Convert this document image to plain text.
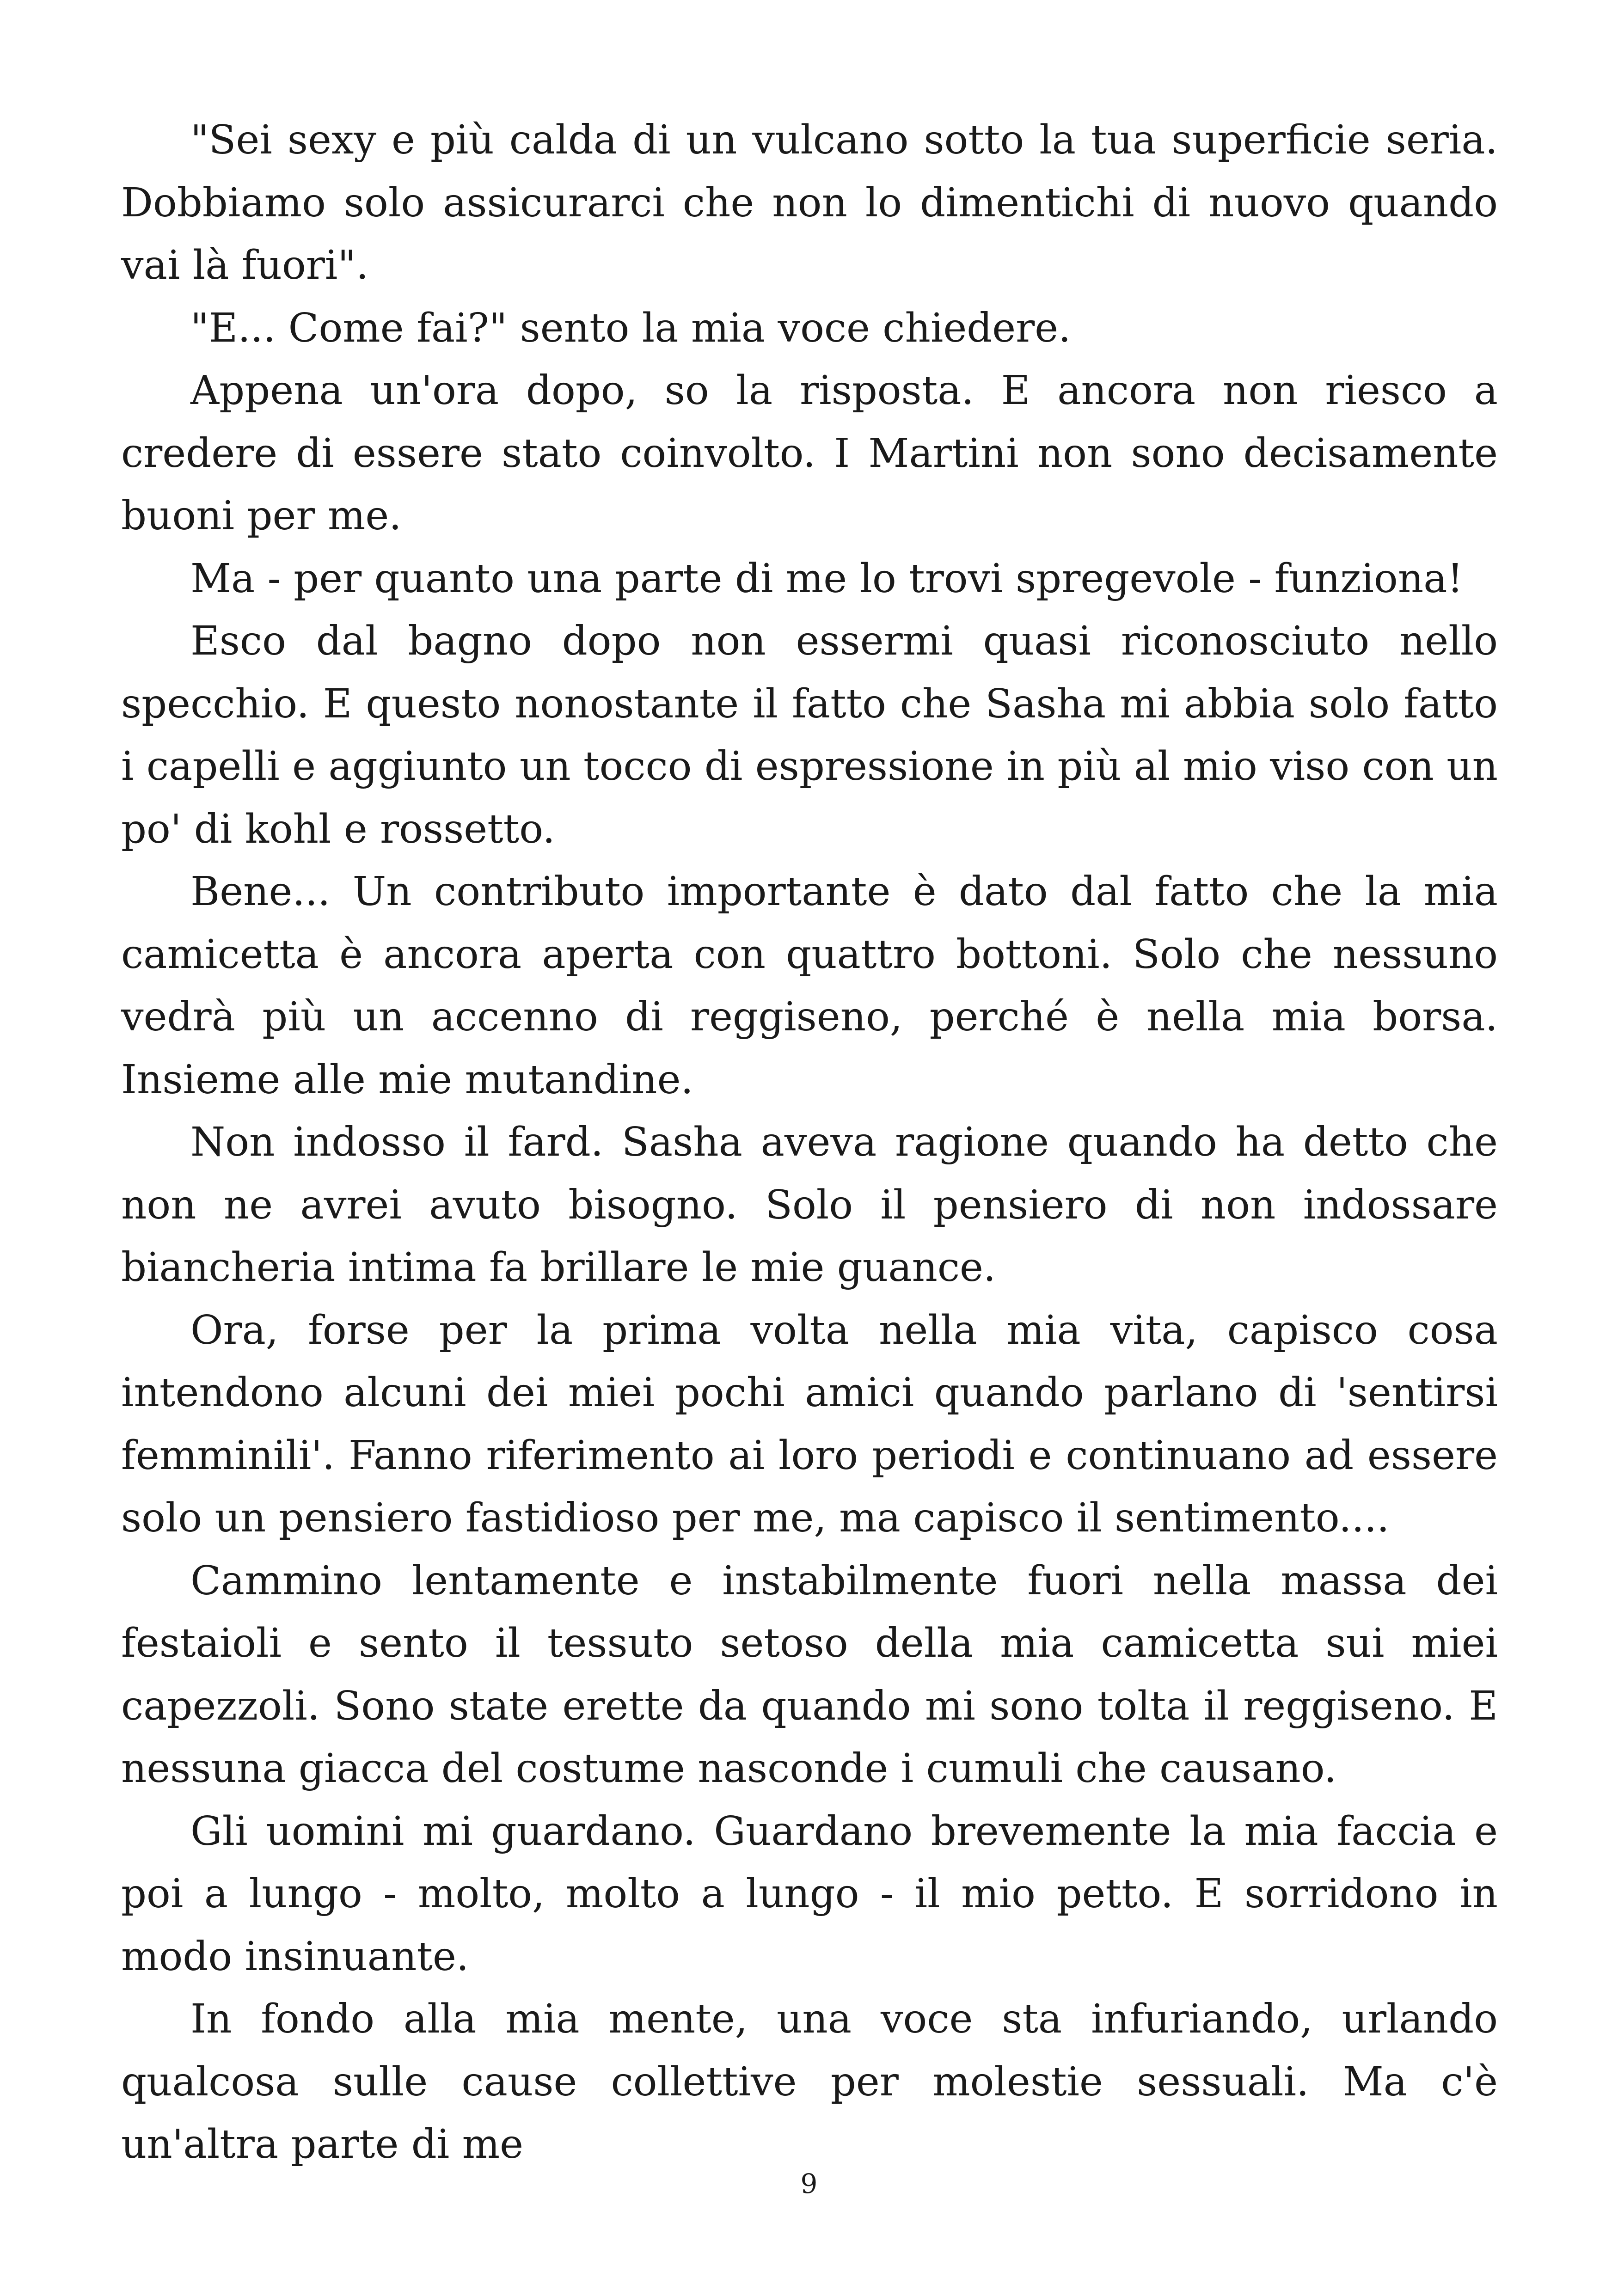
"Sei sexy e più calda di un vulcano sotto la tua superficie seria. Dobbiamo solo assicurarci che non lo dimentichi di nuovo quando vai là fuori".

"E... Come fai?" sento la mia voce chiedere.

Appena un'ora dopo, so la risposta. E ancora non riesco a credere di essere stato coinvolto. I Martini non sono decisamente buoni per me.

Ma - per quanto una parte di me lo trovi spregevole - funziona!

Esco dal bagno dopo non essermi quasi riconosciuto nello specchio. E questo nonostante il fatto che Sasha mi abbia solo fatto i capelli e aggiunto un tocco di espressione in più al mio viso con un po' di kohl e rossetto.

Bene... Un contributo importante è dato dal fatto che la mia camicetta è ancora aperta con quattro bottoni. Solo che nessuno vedrà più un accenno di reggiseno, perché è nella mia borsa. Insieme alle mie mutandine.

Non indosso il fard. Sasha aveva ragione quando ha detto che non ne avrei avuto bisogno. Solo il pensiero di non indossare biancheria intima fa brillare le mie guance.

Ora, forse per la prima volta nella mia vita, capisco cosa intendono alcuni dei miei pochi amici quando parlano di 'sentirsi femminili'. Fanno riferimento ai loro periodi e continuano ad essere solo un pensiero fastidioso per me, ma capisco il sentimento....

Cammino lentamente e instabilmente fuori nella massa dei festaioli e sento il tessuto setoso della mia camicetta sui miei capezzoli. Sono state erette da quando mi sono tolta il reggiseno. E nessuna giacca del costume nasconde i cumuli che causano.

Gli uomini mi guardano. Guardano brevemente la mia faccia e poi a lungo - molto, molto a lungo - il mio petto. E sorridono in modo insinuante.

In fondo alla mia mente, una voce sta infuriando, urlando qualcosa sulle cause collettive per molestie sessuali. Ma c'è un'altra parte di me

9
